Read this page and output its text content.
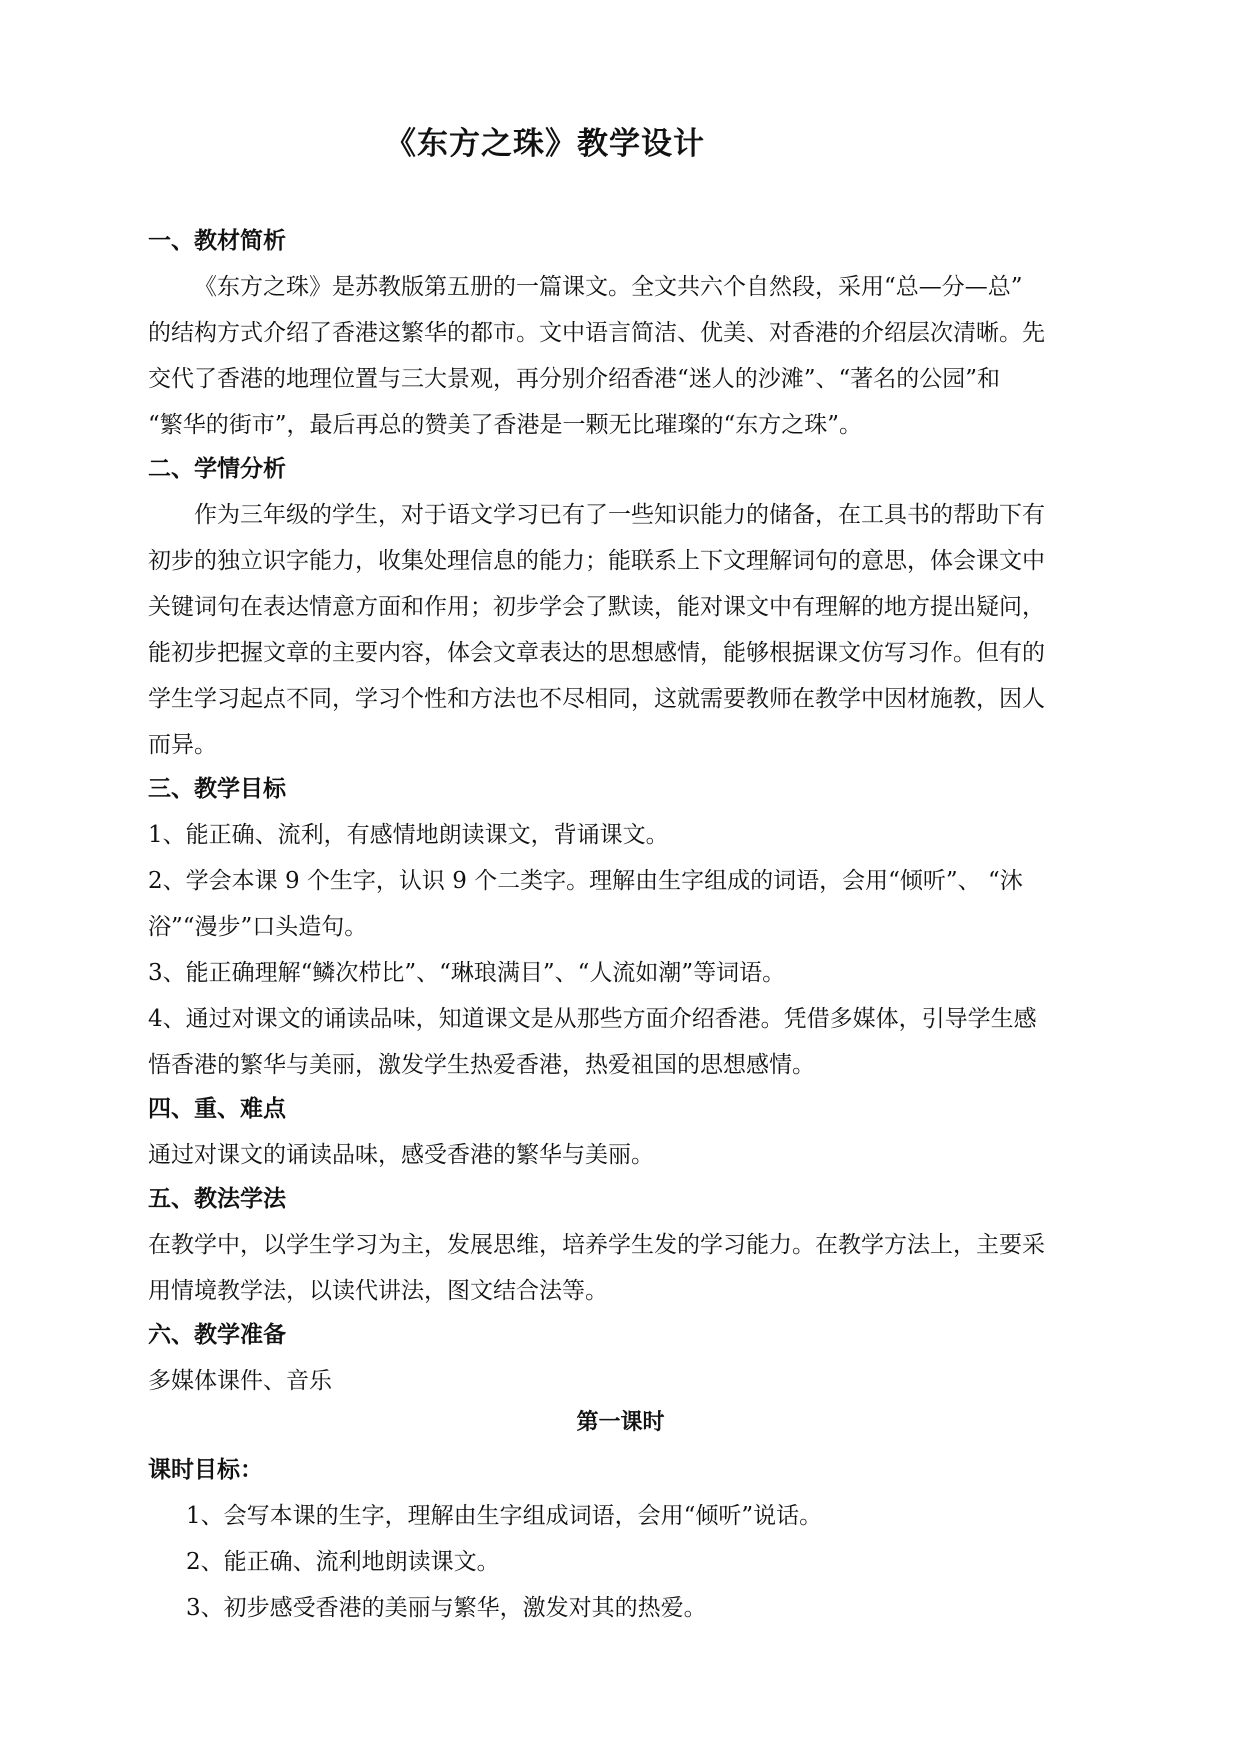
《东方之珠》教学设计
一、教材简析
《东方之珠》是苏教版第五册的一篇课文。全文共六个自然段，采用“总—分—总”
的结构方式介绍了香港这繁华的都市。文中语言简洁、优美、对香港的介绍层次清晰。先
交代了香港的地理位置与三大景观，再分别介绍香港“迷人的沙滩”、“著名的公园”和
“繁华的街市”，最后再总的赞美了香港是一颗无比璀璨的“东方之珠”。
二、学情分析
作为三年级的学生，对于语文学习已有了一些知识能力的储备，在工具书的帮助下有
初步的独立识字能力，收集处理信息的能力；能联系上下文理解词句的意思，体会课文中
关键词句在表达情意方面和作用；初步学会了默读，能对课文中有理解的地方提出疑问，
能初步把握文章的主要内容，体会文章表达的思想感情，能够根据课文仿写习作。但有的
学生学习起点不同，学习个性和方法也不尽相同，这就需要教师在教学中因材施教，因人
而异。
三、教学目标
1、能正确、流利，有感情地朗读课文，背诵课文。
2、学会本课 9 个生字，认识 9 个二类字。理解由生字组成的词语，会用“倾听”、 “沐
浴”“漫步”口头造句。
3、能正确理解“鳞次栉比”、“琳琅满目”、“人流如潮”等词语。
4、通过对课文的诵读品味，知道课文是从那些方面介绍香港。凭借多媒体，引导学生感
悟香港的繁华与美丽，激发学生热爱香港，热爱祖国的思想感情。
四、重、难点
通过对课文的诵读品味，感受香港的繁华与美丽。
五、教法学法
在教学中，以学生学习为主，发展思维，培养学生发的学习能力。在教学方法上，主要采
用情境教学法，以读代讲法，图文结合法等。
六、教学准备
多媒体课件、音乐
第一课时
课时目标：
1、会写本课的生字，理解由生字组成词语，会用“倾听”说话。
2、能正确、流利地朗读课文。
3、初步感受香港的美丽与繁华，激发对其的热爱。
